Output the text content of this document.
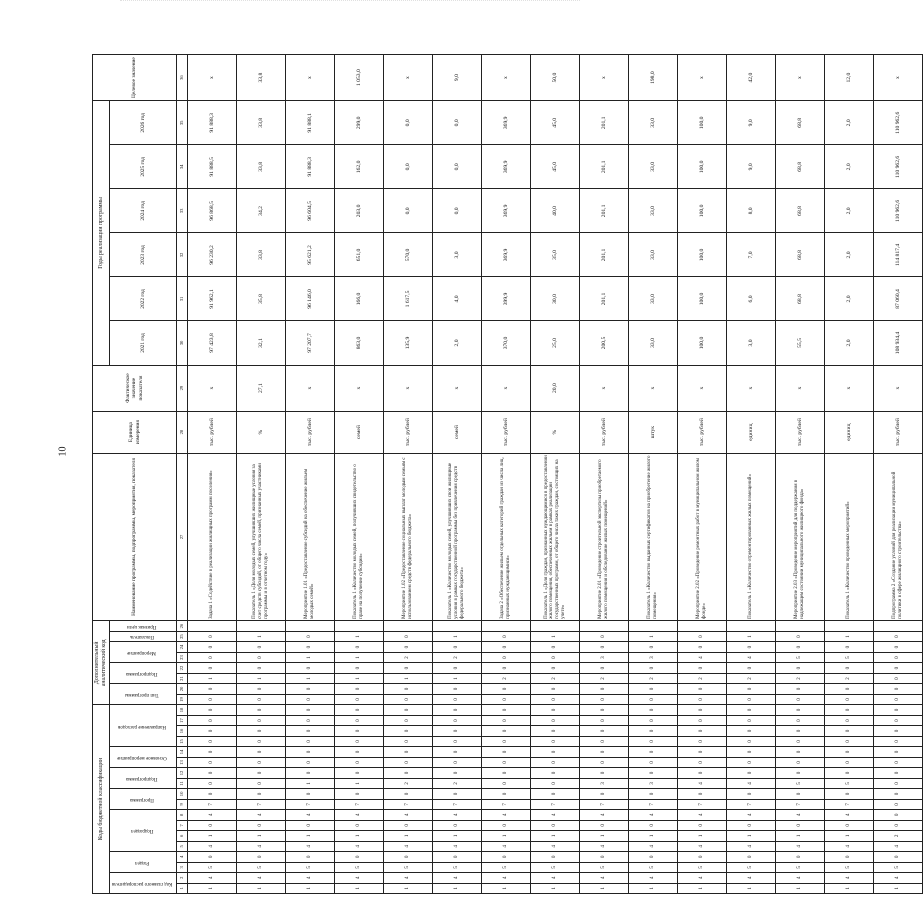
10
Коды бюджетной классификации																		Дополнительный аналитический код								Наименование программы, подпрограммы, мероприятия, показателя	Единица измерения	Фактическое значение показателя	Годы реализации программы						Целевое значение
Код главного распорядителя		Раздел		Подраздел				Программа		Подпрограмма		Основное мероприятие		Направление расходов				Тип программы		Подпрограмма		Мероприятие		Показатель	Признак цели				2021 год	2022 год	2023 год	2024 год	2025 год	2026 год	
1	2	3	4	5	6	7	8	9	10	11	12	13	14	15	16	17	18	19	20	21	22	23	24	25	26	27	28	29	30	31	32	33	34	35	36
1	4	5	0	4	1	0	4	7	0	0	0	0	0	0	0	0	0	0	0	1	0	0	0	0		Задача 1 «Содействие в реализации жилищных программ поселения»	тыс. рублей	x	97 423,8	91 962,1	96 230,2	96 868,5	91 888,5	91 888,3	x
1	4	5	0	4	1	0	4	7	0	0	0	0	0	0	0	0	0	0	0	1	0	0	0	1		Показатель 1 «Доля молодых семей, улучшивших жилищные условия за счет средств субсидий, от общего числа семей, признанных участниками программы и в отчетном году»	%	27,1	32,1	35,8	33,8	34,2	33,8	33,8	33,8
1	4	5	0	4	1	0	4	7	0	1	0	0	0	0	0	0	0	0	0	1	0	1	0	0		Мероприятие 1.01 «Предоставление субсидий на обеспечение жильем молодых семей»	тыс. рублей	x	97 207,7	96 146,0	95 621,2	96 604,5	91 888,3	91 888,1	x
1	4	5	0	4	1	0	4	7	0	1	0	0	0	0	0	0	0	0	0	1	0	1	0	1		Показатель 1 «Количество молодых семей, получивших свидетельство о праве на получение субсидии»	семей	x	863,0	166,0	651,0	203,0	162,0	299,0	1 053,0
1	4	5	0	4	1	0	4	7	0	2	0	0	0	0	0	0	0	0	0	1	0	2	0	0		Мероприятие 1.02 «Предоставление социальных выплат молодым семьям с использованием средств федерального бюджета»	тыс. рублей	x	135,9	1 617,5	570,0	0,0	0,0	0,0	x
1	4	5	0	4	1	0	4	7	0	2	0	0	0	0	0	0	0	0	0	1	0	2	0	1		Показатель 1 «Количество молодых семей, улучшивших свои жилищные условия в рамках государственной программы без привлечения средств федерального бюджета»	семей	x	2,0	4,0	3,0	0,0	0,0	0,0	9,0
1	4	5	0	4	1	0	4	7	0	0	0	0	0	0	0	0	0	0	0	2	0	0	0	0		Задача 2 «Обеспечение жильем отдельных категорий граждан из числа лиц, признанных нуждающимися»	тыс. рублей	x	370,0	399,9	369,9	369,9	369,9	369,9	x
1	4	5	0	4	1	0	4	7	0	0	0	0	0	0	0	0	0	0	0	2	0	0	0	1		Показатель 1 «Доля граждан, признанных нуждающимися в предоставлении жилого помещения, обеспеченных жильем в рамках реализации государственных программ, от общего числа таких граждан, состоящих на учете»	%	20,0	25,0	30,0	35,0	40,0	45,0	45,0	50,0
1	4	5	0	4	1	0	4	7	0	3	0	0	0	0	0	0	0	0	0	2	0	3	0	0		Мероприятие 2.01 «Проведение строительной экспертизы приобретаемого жилого помещения и обследование жилых помещений»	тыс. рублей	x	200,5	201,1	201,1	201,1	201,1	201,1	x
1	4	5	0	4	1	0	4	7	0	3	0	0	0	0	0	0	0	0	0	2	0	3	0	1		Показатель 1 «Количество выданных сертификатов на приобретение жилого помещения»	штук	x	33,0	33,0	33,0	33,0	33,0	33,0	198,0
1	4	5	0	4	1	0	4	7	0	4	0	0	0	0	0	0	0	0	0	2	0	4	0	0		Мероприятие 2.02 «Проведение ремонтных работ в муниципальном жилом фонде»	тыс. рублей	x	100,0	100,0	100,0	100,0	100,0	100,0	x
1	4	5	0	4	1	0	4	7	0	4	0	0	0	0	0	0	0	0	0	2	0	4	0	1		Показатель 1 «Количество отремонтированных жилых помещений»	единиц	x	3,0	6,0	7,0	8,0	9,0	9,0	42,0
1	4	5	0	4	1	0	4	7	0	5	0	0	0	0	0	0	0	0	0	2	0	5	0	0		Мероприятие 2.03 «Проведение мероприятий для поддержания в надлежащем состоянии муниципального жилищного фонда»	тыс. рублей	x	55,5	68,8	68,8	68,8	68,8	68,8	x
1	4	5	0	4	1	0	4	7	0	5	0	0	0	0	0	0	0	0	0	2	0	5	0	1		Показатель 1 «Количество проведенных мероприятий»	единиц	x	2,0	2,0	2,0	2,0	2,0	2,0	12,0
1	4	5	0	4	2	0	0	0	0	0	0	0	0	0	0	0	0	0	0	0	0	0	0	0		Подпрограмма 2 «Создание условий для реализации муниципальной политики в сфере жилищного строительства»	тыс. рублей	x	108 934,4	87 060,4	114 817,4	110 962,6	110 962,6	110 962,6	x
